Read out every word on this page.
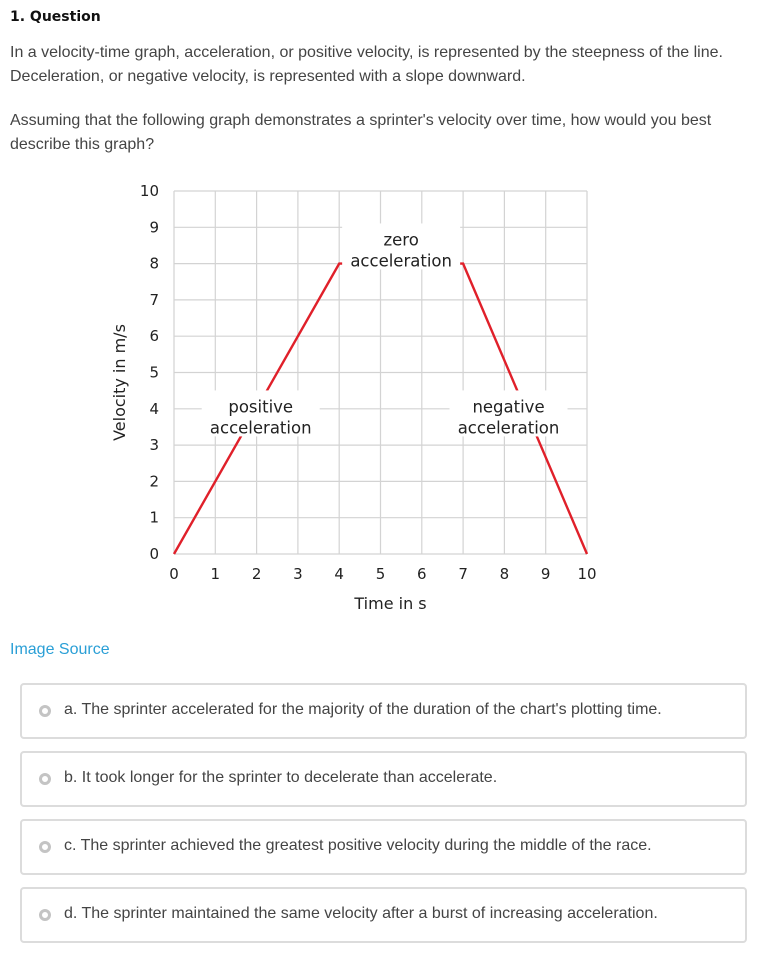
1. Question
In a velocity-time graph, acceleration, or positive velocity, is represented by the steepness of the line. Deceleration, or negative velocity, is represented with a slope downward.
Assuming that the following graph demonstrates a sprinter's velocity over time, how would you best describe this graph?
0 1 2 3 4 5 6 7 8 9 10
0
1
2
3
4
5
6
7
8
9
10
Time in s
Velocity in m/s
zero
acceleration
positive
acceleration
negative
acceleration
Image Source
a. The sprinter accelerated for the majority of the duration of the chart's plotting time.
b. It took longer for the sprinter to decelerate than accelerate.
c. The sprinter achieved the greatest positive velocity during the middle of the race.
d. The sprinter maintained the same velocity after a burst of increasing acceleration.
